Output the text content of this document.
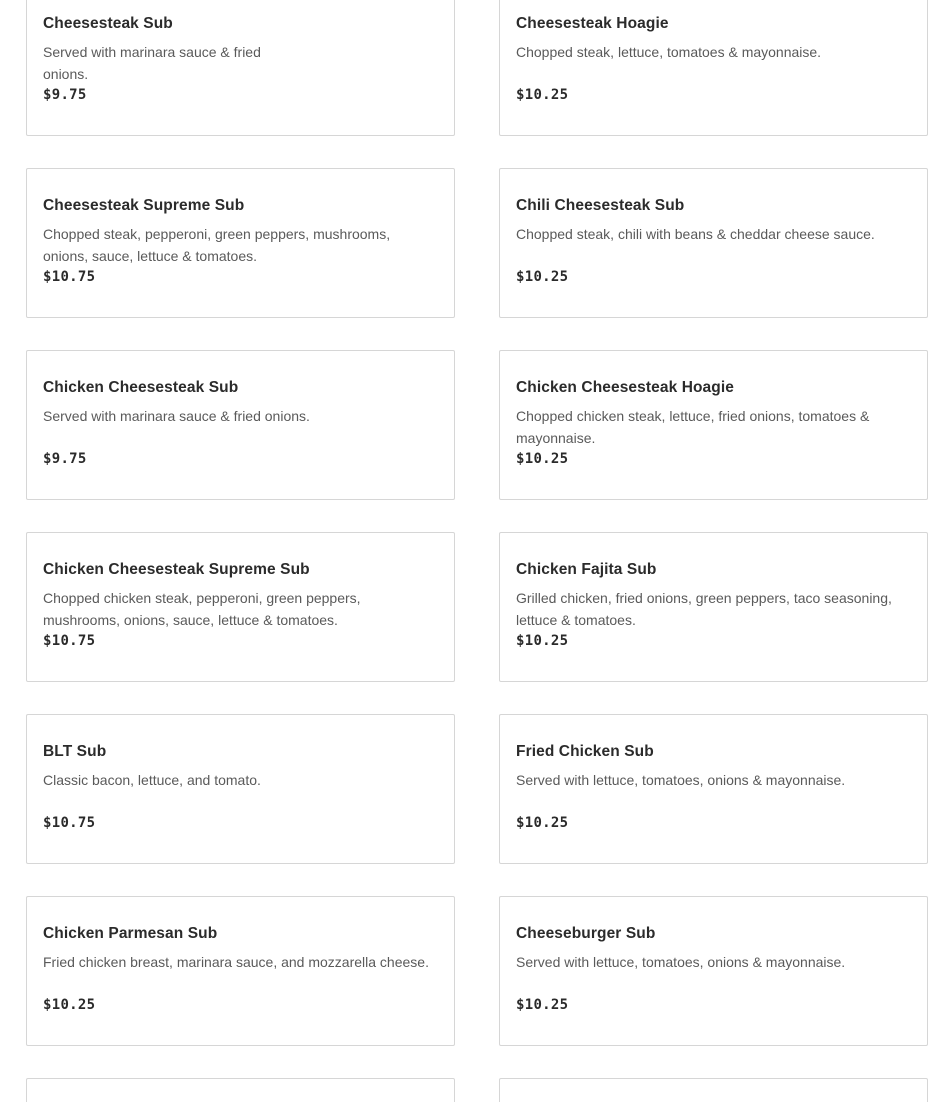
Cheesesteak Sub
Served with marinara sauce & fried onions.
$9.75
Cheesesteak Hoagie
Chopped steak, lettuce, tomatoes & mayonnaise.
$10.25
Cheesesteak Supreme Sub
Chopped steak, pepperoni, green peppers, mushrooms, onions, sauce, lettuce & tomatoes.
$10.75
Chili Cheesesteak Sub
Chopped steak, chili with beans & cheddar cheese sauce.
$10.25
Chicken Cheesesteak Sub
Served with marinara sauce & fried onions.
$9.75
Chicken Cheesesteak Hoagie
Chopped chicken steak, lettuce, fried onions, tomatoes & mayonnaise.
$10.25
Chicken Cheesesteak Supreme Sub
Chopped chicken steak, pepperoni, green peppers, mushrooms, onions, sauce, lettuce & tomatoes.
$10.75
Chicken Fajita Sub
Grilled chicken, fried onions, green peppers, taco seasoning, lettuce & tomatoes.
$10.25
BLT Sub
Classic bacon, lettuce, and tomato.
$10.75
Fried Chicken Sub
Served with lettuce, tomatoes, onions & mayonnaise.
$10.25
Chicken Parmesan Sub
Fried chicken breast, marinara sauce, and mozzarella cheese.
$10.25
Cheeseburger Sub
Served with lettuce, tomatoes, onions & mayonnaise.
$10.25
